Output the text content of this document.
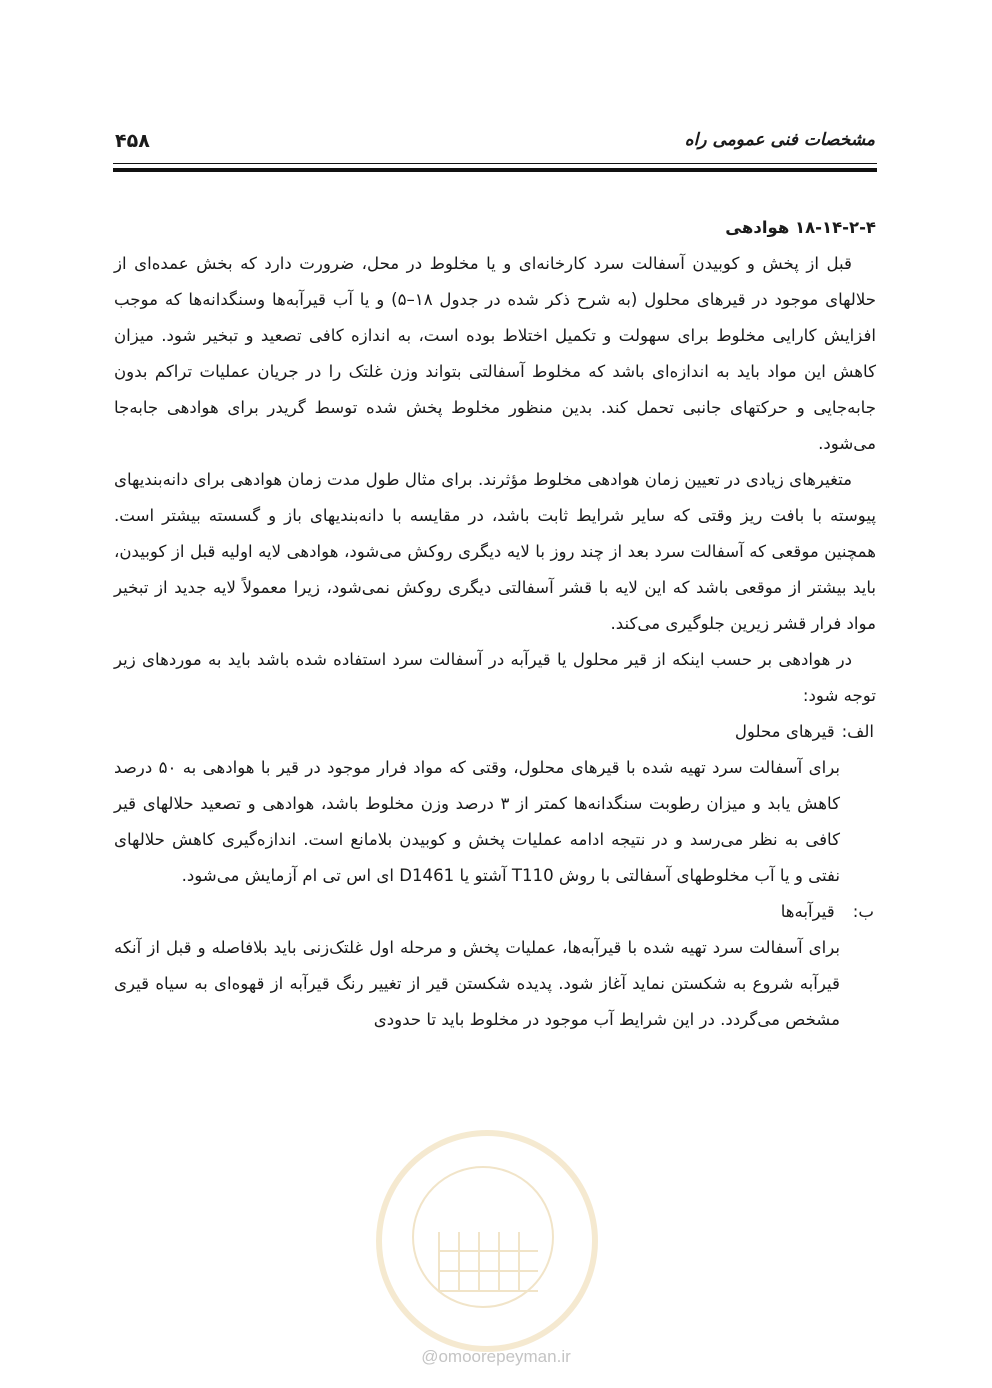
۴۵۸	مشخصات فنی عمومی راه

۱۸-۱۴-۲-۴ هوادهی

قبل از پخش و کوبیدن آسفالت سرد کارخانه‌ای و یا مخلوط در محل، ضرورت دارد که بخش عمده‌ای از حلالهای موجود در قیرهای محلول (به شرح ذکر شده در جدول ۱۸–۵) و یا آب قیرآبه‌ها وسنگدانه‌ها که موجب افزایش کارایی مخلوط برای سهولت و تکمیل اختلاط بوده است، به اندازه کافی تصعید و تبخیر شود. میزان کاهش این مواد باید به اندازه‌ای باشد که مخلوط آسفالتی بتواند وزن غلتک را در جریان عملیات تراکم بدون جابه‌جایی و حرکتهای جانبی تحمل کند. بدین منظور مخلوط پخش شده توسط گریدر برای هوادهی جابه‌جا می‌شود.

متغیرهای زیادی در تعیین زمان هوادهی مخلوط مؤثرند. برای مثال طول مدت زمان هوادهی برای دانه‌بندیهای پیوسته با بافت ریز وقتی که سایر شرایط ثابت باشد، در مقایسه با دانه‌بندیهای باز و گسسته بیشتر است. همچنین موقعی که آسفالت سرد بعد از چند روز با لایه دیگری روکش می‌شود، هوادهی لایه اولیه قبل از کوبیدن، باید بیشتر از موقعی باشد که این لایه با قشر آسفالتی دیگری روکش نمی‌شود، زیرا معمولاً لایه جدید از تبخیر مواد فرار قشر زیرین جلوگیری می‌کند.

در هوادهی بر حسب اینکه از قیر محلول یا قیرآبه در آسفالت سرد استفاده شده باشد باید به موردهای زیر توجه شود:

الف: قیرهای محلول

برای آسفالت سرد تهیه شده با قیرهای محلول، وقتی که مواد فرار موجود در قیر با هوادهی به ۵۰ درصد کاهش یابد و میزان رطوبت سنگدانه‌ها کمتر از ۳ درصد وزن مخلوط باشد، هوادهی و تصعید حلالهای قیر کافی به نظر می‌رسد و در نتیجه ادامه عملیات پخش و کوبیدن بلامانع است. اندازه‌گیری کاهش حلالهای نفتی و یا آب مخلوطهای آسفالتی با روش T110 آشتو یا D1461 ای اس تی ام آزمایش می‌شود.

ب: قیرآبه‌ها

برای آسفالت سرد تهیه شده با قیرآبه‌ها، عملیات پخش و مرحله اول غلتک‌زنی باید بلافاصله و قبل از آنکه قیرآبه شروع به شکستن نماید آغاز شود. پدیده شکستن قیر از تغییر رنگ قیرآبه از قهوه‌ای به سیاه قیری مشخص می‌گردد. در این شرایط آب موجود در مخلوط باید تا حدودی

@omoorepeyman.ir
